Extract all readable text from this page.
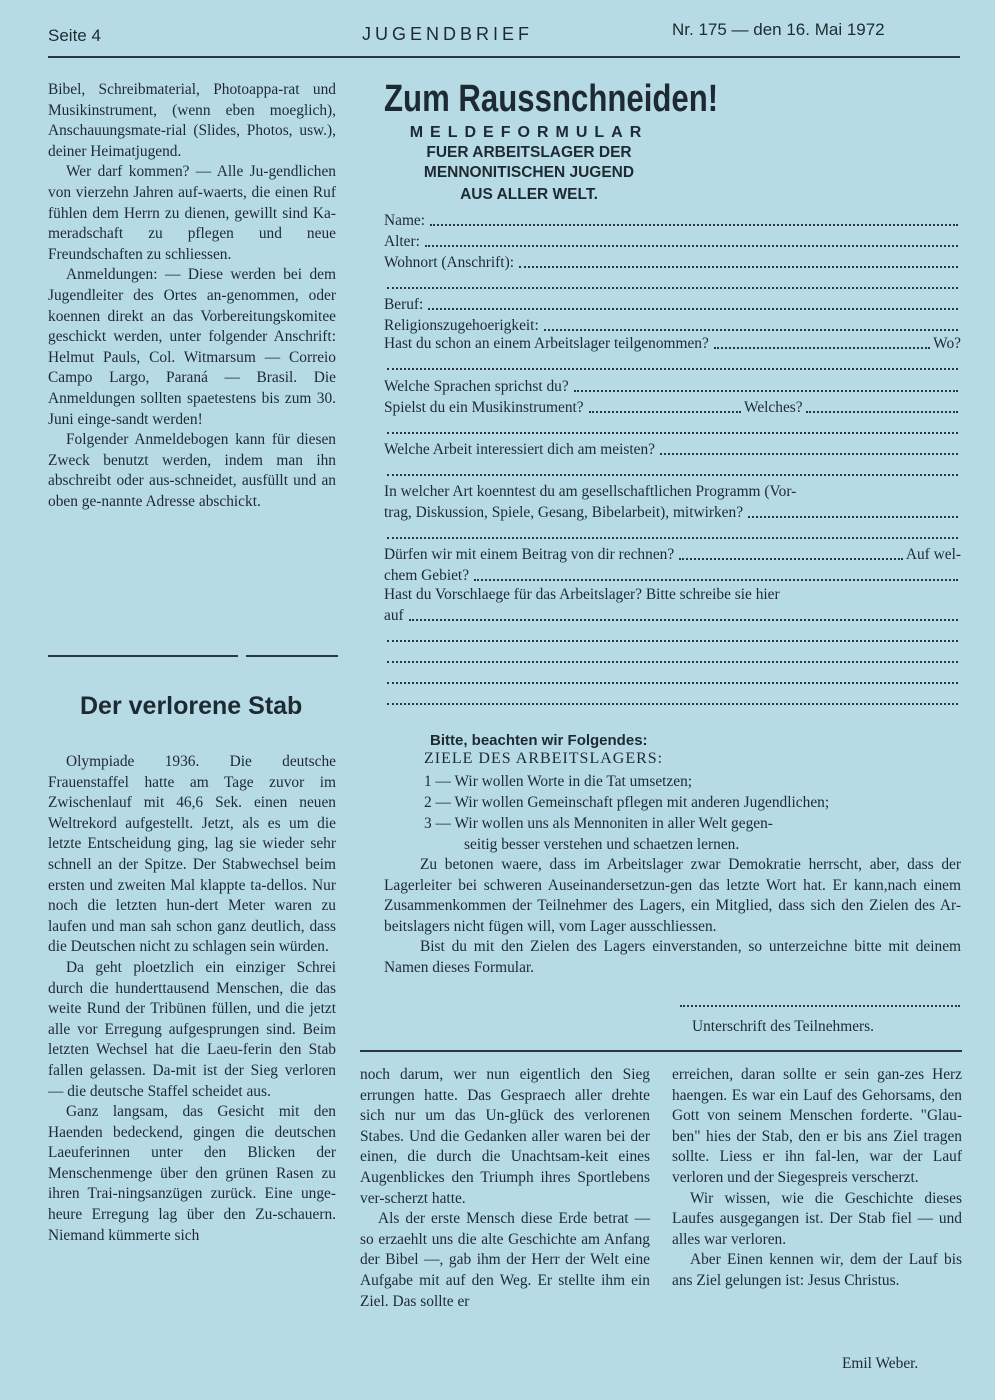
Seite 4	JUGENDBRIEF	Nr. 175 — den 16. Mai 1972

Bibel, Schreibmaterial, Photoappa-rat und Musikinstrument, (wenn eben moeglich), Anschauungsmate-rial (Slides, Photos, usw.), deiner Heimatjugend.

Wer darf kommen? — Alle Ju-gendlichen von vierzehn Jahren auf-waerts, die einen Ruf fühlen dem Herrn zu dienen, gewillt sind Ka-meradschaft zu pflegen und neue Freundschaften zu schliessen.

Anmeldungen: — Diese werden bei dem Jugendleiter des Ortes an-genommen, oder koennen direkt an das Vorbereitungskomitee geschickt werden, unter folgender Anschrift: Helmut Pauls, Col. Witmarsum — Correio Campo Largo, Paraná — Brasil. Die Anmeldungen sollten spaetestens bis zum 30. Juni einge-sandt werden!

Folgender Anmeldebogen kann für diesen Zweck benutzt werden, indem man ihn abschreibt oder aus-schneidet, ausfüllt und an oben ge-nannte Adresse abschickt.

Der verlorene Stab

Olympiade 1936. Die deutsche Frauenstaffel hatte am Tage zuvor im Zwischenlauf mit 46,6 Sek. einen neuen Weltrekord aufgestellt. Jetzt, als es um die letzte Entscheidung ging, lag sie wieder sehr schnell an der Spitze. Der Stabwechsel beim ersten und zweiten Mal klappte ta-dellos. Nur noch die letzten hun-dert Meter waren zu laufen und man sah schon ganz deutlich, dass die Deutschen nicht zu schlagen sein würden.

Da geht ploetzlich ein einziger Schrei durch die hunderttausend Menschen, die das weite Rund der Tribünen füllen, und die jetzt alle vor Erregung aufgesprungen sind. Beim letzten Wechsel hat die Laeu-ferin den Stab fallen gelassen. Da-mit ist der Sieg verloren — die deutsche Staffel scheidet aus.

Ganz langsam, das Gesicht mit den Haenden bedeckend, gingen die deutschen Laeuferinnen unter den Blicken der Menschenmenge über den grünen Rasen zu ihren Trai-ningsanzügen zurück. Eine unge-heure Erregung lag über den Zu-schauern. Niemand kümmerte sich

Zum Raussnchneiden!
MELDEFORMULAR
FUER ARBEITSLAGER DER
MENNONITISCHEN JUGEND
AUS ALLER WELT.
Name:
Alter:
Wohnort (Anschrift):
Beruf:
Religionszugehoerigkeit:
Hast du schon an einem Arbeitslager teilgenommen?	Wo?
Welche Sprachen sprichst du?
Spielst du ein Musikinstrument?	Welches?
Welche Arbeit interessiert dich am meisten?
In welcher Art koenntest du am gesellschaftlichen Programm (Vor-
trag, Diskussion, Spiele, Gesang, Bibelarbeit), mitwirken?
Dürfen wir mit einem Beitrag von dir rechnen?	Auf wel-
chem Gebiet?
Hast du Vorschlaege für das Arbeitslager? Bitte schreibe sie hier
auf
Bitte, beachten wir Folgendes:
ZIELE DES ARBEITSLAGERS:
1 — Wir wollen Worte in die Tat umsetzen;
2 — Wir wollen Gemeinschaft pflegen mit anderen Jugendlichen;
3 — Wir wollen uns als Mennoniten in aller Welt gegen-
seitig besser verstehen und schaetzen lernen.

Zu betonen waere, dass im Arbeitslager zwar Demokratie herrscht, aber, dass der Lagerleiter bei schweren Auseinandersetzun-gen das letzte Wort hat. Er kann,nach einem Zusammenkommen der Teilnehmer des Lagers, ein Mitglied, dass sich den Zielen des Ar-beitslagers nicht fügen will, vom Lager ausschliessen.

Bist du mit den Zielen des Lagers einverstanden, so unterzeichne bitte mit deinem Namen dieses Formular.

Unterschrift des Teilnehmers.

noch darum, wer nun eigentlich den Sieg errungen hatte. Das Gespraech aller drehte sich nur um das Un-glück des verlorenen Stabes. Und die Gedanken aller waren bei der einen, die durch die Unachtsam-keit eines Augenblickes den Triumph ihres Sportlebens ver-scherzt hatte.

Als der erste Mensch diese Erde betrat — so erzaehlt uns die alte Geschichte am Anfang der Bibel —, gab ihm der Herr der Welt eine Aufgabe mit auf den Weg. Er stellte ihm ein Ziel. Das sollte er

erreichen, daran sollte er sein gan-zes Herz haengen. Es war ein Lauf des Gehorsams, den Gott von seinem Menschen forderte. "Glau-ben" hies der Stab, den er bis ans Ziel tragen sollte. Liess er ihn fal-len, war der Lauf verloren und der Siegespreis verscherzt.

Wir wissen, wie die Geschichte dieses Laufes ausgegangen ist. Der Stab fiel — und alles war verloren.

Aber Einen kennen wir, dem der Lauf bis ans Ziel gelungen ist: Jesus Christus.

Emil Weber.
